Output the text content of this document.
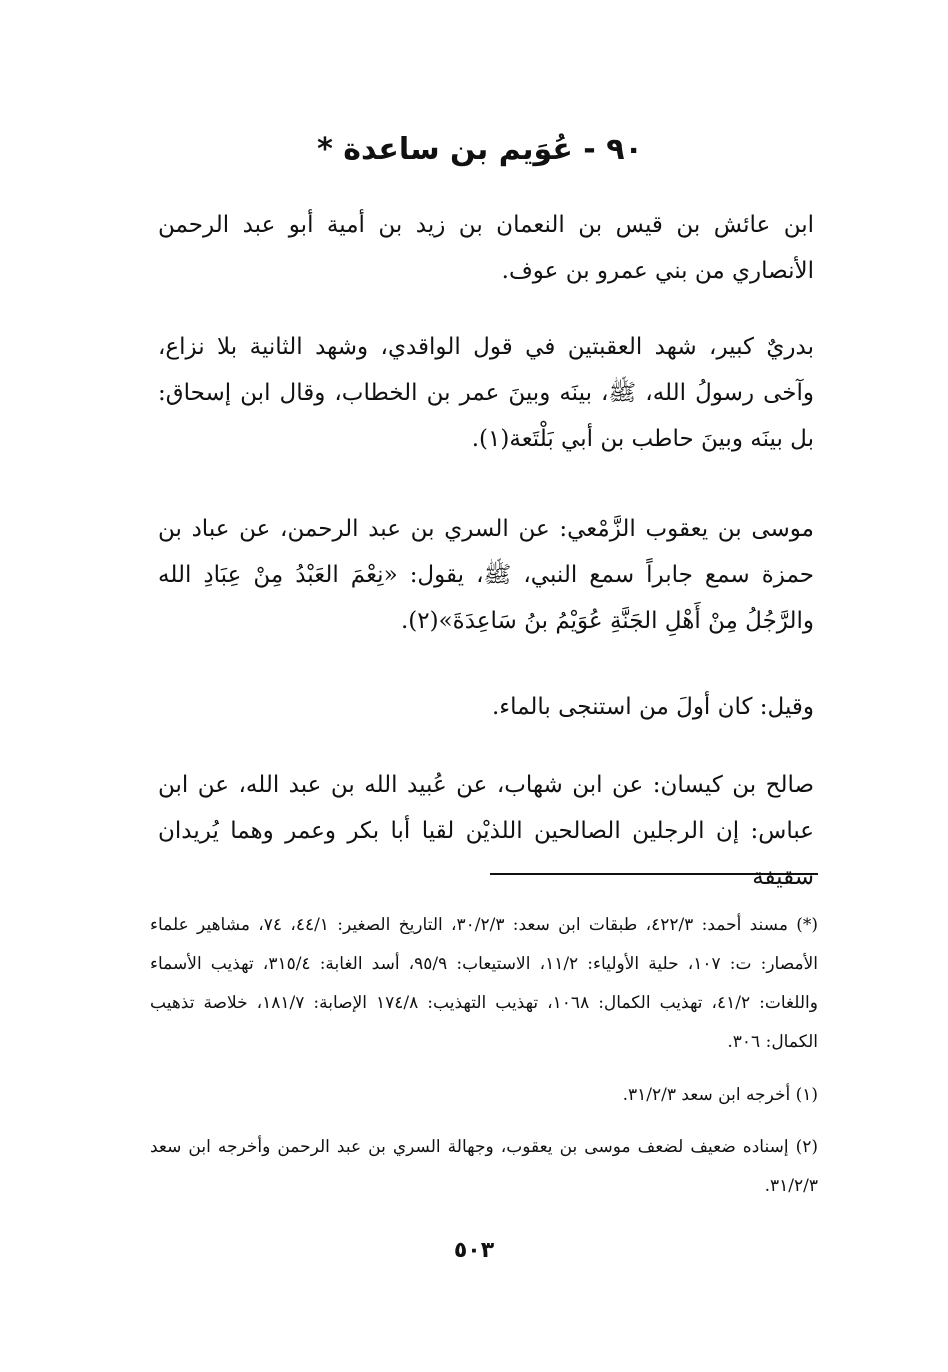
٩٠ - عُوَيم بن ساعدة *

ابن عائش بن قيس بن النعمان بن زيد بن أمية أبو عبد الرحمن الأنصاري من بني عمرو بن عوف.

بدريٌ كبير، شهد العقبتين في قول الواقدي، وشهد الثانية بلا نزاع، وآخى رسولُ الله، ﷺ، بينَه وبينَ عمر بن الخطاب، وقال ابن إسحاق: بل بينَه وبينَ حاطب بن أبي بَلْتَعة(١).

موسى بن يعقوب الزَّمْعي: عن السري بن عبد الرحمن، عن عباد بن حمزة سمع جابراً سمع النبي، ﷺ، يقول: «نِعْمَ العَبْدُ مِنْ عِبَادِ الله والرَّجُلُ مِنْ أَهْلِ الجَنَّةِ عُوَيْمُ بنُ سَاعِدَةَ»(٢).

وقيل: كان أولَ من استنجى بالماء.

صالح بن كيسان: عن ابن شهاب، عن عُبيد الله بن عبد الله، عن ابن عباس: إن الرجلين الصالحين اللذيْن لقيا أبا بكر وعمر وهما يُريدان سقيفة

(*) مسند أحمد: ٤٢٢/٣، طبقات ابن سعد: ٣٠/٢/٣، التاريخ الصغير: ٤٤/١، ٧٤، مشاهير علماء الأمصار: ت: ١٠٧، حلية الأولياء: ١١/٢، الاستيعاب: ٩٥/٩، أسد الغابة: ٣١٥/٤، تهذيب الأسماء واللغات: ٤١/٢، تهذيب الكمال: ١٠٦٨، تهذيب التهذيب: ١٧٤/٨ الإصابة: ١٨١/٧، خلاصة تذهيب الكمال: ٣٠٦.

(١) أخرجه ابن سعد ٣١/٢/٣.

(٢) إسناده ضعيف لضعف موسى بن يعقوب، وجهالة السري بن عبد الرحمن وأخرجه ابن سعد ٣١/٢/٣.

٥٠٣
